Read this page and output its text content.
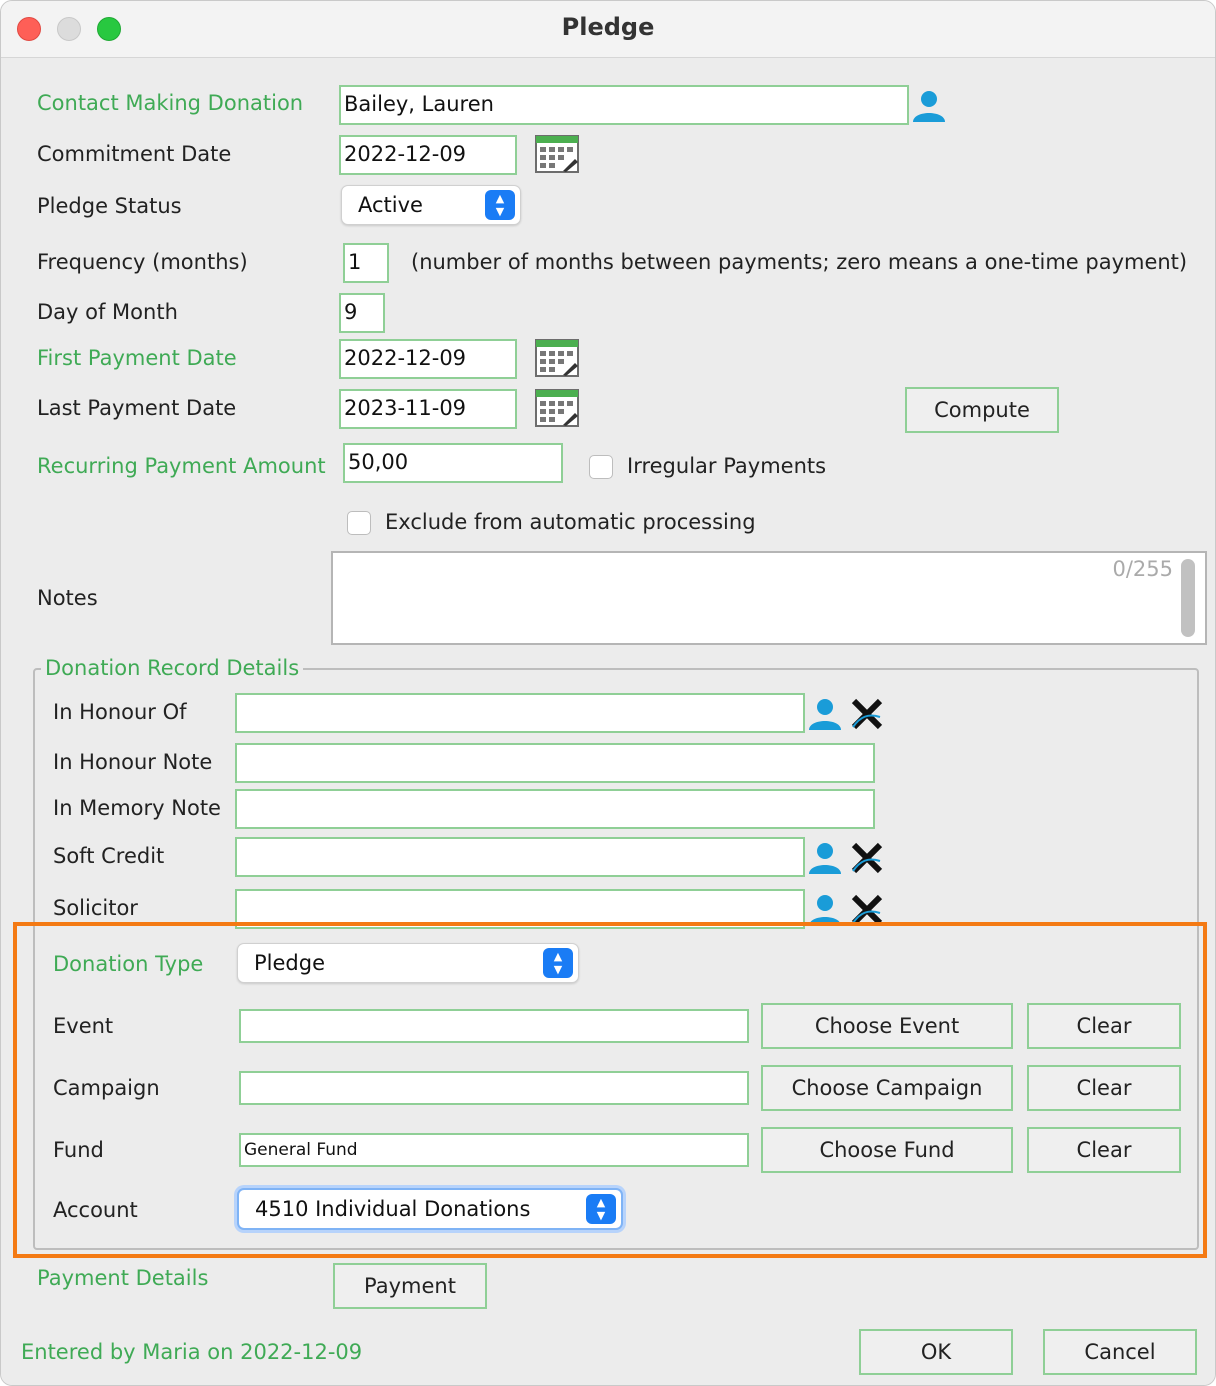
Pledge
Contact Making Donation Bailey, Lauren
Commitment Date	2022-12-09
Pledge Status	Active	▲
▼
Frequency (months)	1	(number of months between payments; zero means a one-time payment)
Day of Month	9
First Payment Date	2022-12-09
Last Payment Date	2023-11-09	Compute
Recurring Payment Amount 50,00	Irregular Payments
Exclude from automatic processing
Notes
0/255
Donation Record Details
In Honour Of
In Honour Note
In Memory Note
Soft Credit
Solicitor
Donation Type	Pledge	▲
▼
Event	Choose Event	Clear
Campaign	Choose Campaign	Clear
Fund	General Fund	Choose Fund	Clear
Account	4510 Individual Donations	▲
▼
Payment Details	Payment
Entered by Maria on 2022-12-09	OK	Cancel
